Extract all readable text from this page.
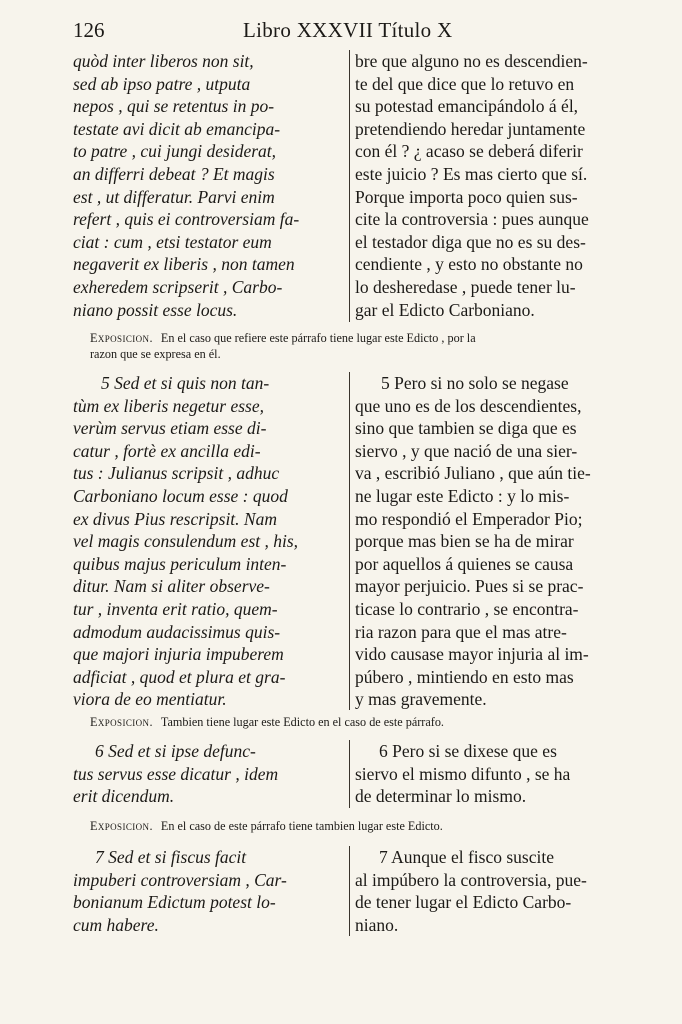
126	Libro XXXVII Título X
quòd inter liberos non sit,
sed ab ipso patre , utputa
nepos , qui se retentus in po-
testate avi dicit ab emancipa-
to patre , cui jungi desiderat,
an differri debeat ? Et magis
est , ut differatur. Parvi enim
refert , quis ei controversiam fa-
ciat : cum , etsi testator eum
negaverit ex liberis , non tamen
exheredem scripserit , Carbo-
niano possit esse locus.
bre que alguno no es descendien-
te del que dice que lo retuvo en
su potestad emancipándolo á él,
pretendiendo heredar juntamente
con él ? ¿ acaso se deberá diferir
este juicio ? Es mas cierto que sí.
Porque importa poco quien sus-
cite la controversia : pues aunque
el testador diga que no es su des-
cendiente , y esto no obstante no
lo desheredase , puede tener lu-
gar el Edicto Carboniano.
Exposicion. En el caso que refiere este párrafo tiene lugar este Edicto , por la
razon que se expresa en él.
5 Sed et si quis non tan-
tùm ex liberis negetur esse,
verùm servus etiam esse di-
catur , fortè ex ancilla edi-
tus : Julianus scripsit , adhuc
Carboniano locum esse : quod
ex divus Pius rescripsit. Nam
vel magis consulendum est , his,
quibus majus periculum inten-
ditur. Nam si aliter observe-
tur , inventa erit ratio, quem-
admodum audacissimus quis-
que majori injuria impuberem
adficiat , quod et plura et gra-
viora de eo mentiatur.
5 Pero si no solo se negase
que uno es de los descendientes,
sino que tambien se diga que es
siervo , y que nació de una sier-
va , escribió Juliano , que aún tie-
ne lugar este Edicto : y lo mis-
mo respondió el Emperador Pio;
porque mas bien se ha de mirar
por aquellos á quienes se causa
mayor perjuicio. Pues si se prac-
ticase lo contrario , se encontra-
ria razon para que el mas atre-
vido causase mayor injuria al im-
púbero , mintiendo en esto mas
y mas gravemente.
Exposicion. Tambien tiene lugar este Edicto en el caso de este párrafo.
6 Sed et si ipse defunc-
tus servus esse dicatur , idem
erit dicendum.
6 Pero si se dixese que es
siervo el mismo difunto , se ha
de determinar lo mismo.
Exposicion. En el caso de este párrafo tiene tambien lugar este Edicto.
7 Sed et si fiscus facit
impuberi controversiam , Car-
bonianum Edictum potest lo-
cum habere.
7 Aunque el fisco suscite
al impúbero la controversia, pue-
de tener lugar el Edicto Carbo-
niano.
